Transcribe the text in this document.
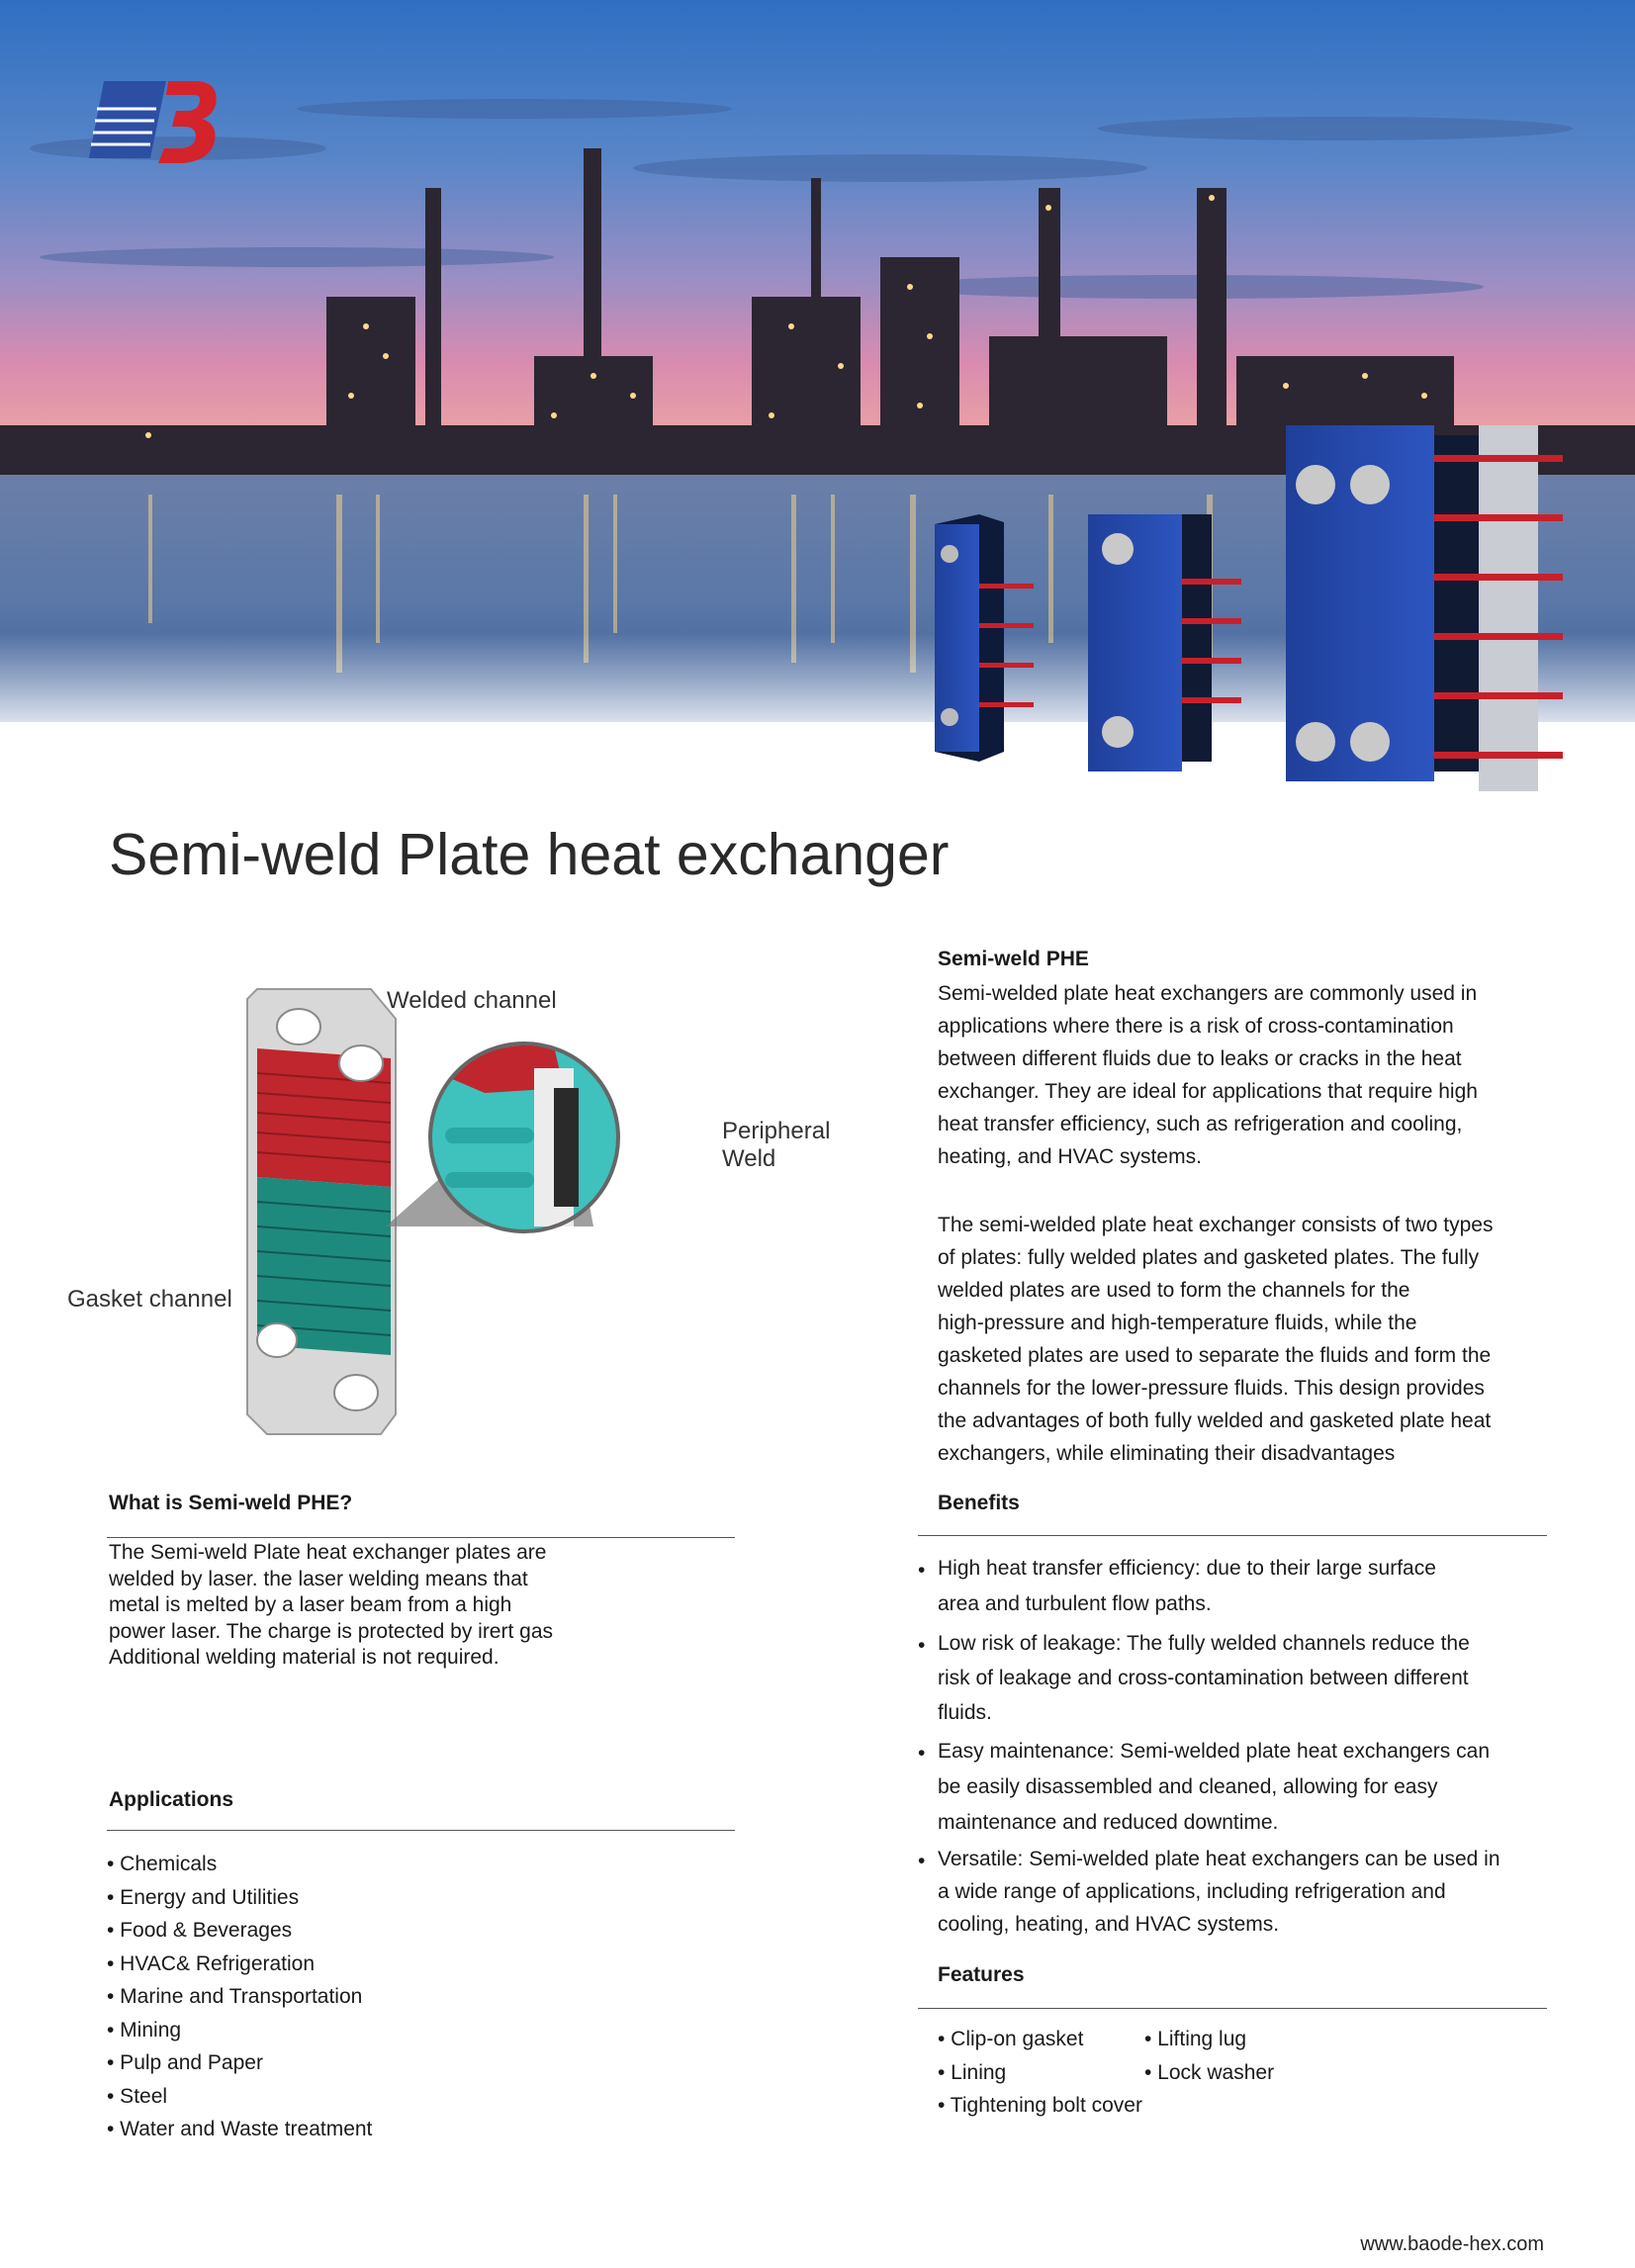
Semi-weld Plate heat exchanger
Welded channel
Peripheral
Weld
Gasket channel
What is Semi-weld PHE?
The Semi-weld Plate heat exchanger plates are
welded by laser. the laser welding means that
metal is melted by a laser beam from a high
power laser. The charge is protected by irert gas
Additional welding material is not required.
Applications
• Chemicals
• Energy and Utilities
• Food & Beverages
• HVAC& Refrigeration
• Marine and Transportation
• Mining
• Pulp and Paper
• Steel
• Water and Waste treatment
Semi-weld PHE
Semi-welded plate heat exchangers are commonly used in
applications where there is a risk of cross-contamination
between different fluids due to leaks or cracks in the heat
exchanger. They are ideal for applications that require high
heat transfer efficiency, such as refrigeration and cooling,
heating, and HVAC systems.
The semi-welded plate heat exchanger consists of two types
of plates: fully welded plates and gasketed plates. The fully
welded plates are used to form the channels for the
high-pressure and high-temperature fluids, while the
gasketed plates are used to separate the fluids and form the
channels for the lower-pressure fluids. This design provides
the advantages of both fully welded and gasketed plate heat
exchangers, while eliminating their disadvantages
Benefits
• High heat transfer efficiency: due to their large surface
area and turbulent flow paths.
• Low risk of leakage: The fully welded channels reduce the
risk of leakage and cross-contamination between different
fluids.
• Easy maintenance: Semi-welded plate heat exchangers can
be easily disassembled and cleaned, allowing for easy
maintenance and reduced downtime.
• Versatile: Semi-welded plate heat exchangers can be used in
a wide range of applications, including refrigeration and
cooling, heating, and HVAC systems.
Features
• Clip-on gasket
• Lining
• Tightening bolt cover
• Lifting lug
• Lock washer
www.baode-hex.com
